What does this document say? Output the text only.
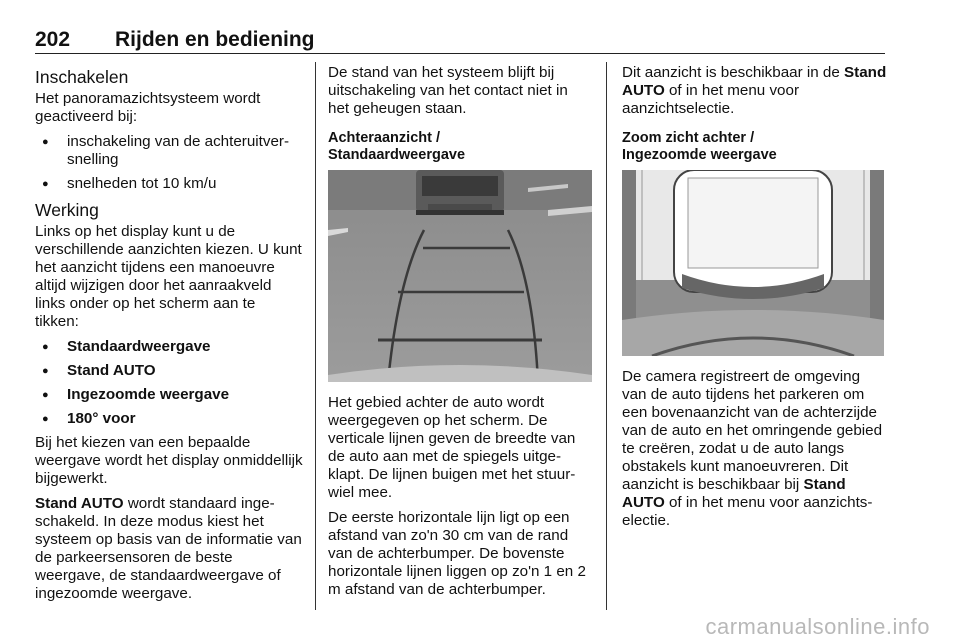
202 Rijden en bediening
Inschakelen

Het panoramazichtsysteem wordt geactiveerd bij:

● inschakeling van de achteruitversnelling
● snelheden tot 10 km/u
Werking

Links op het display kunt u de verschillende aanzichten kiezen. U kunt het aanzicht tijdens een manoeuvre altijd wijzigen door het aanraakveld links onder op het scherm aan te tikken:

● Standaardweergave
● Stand AUTO
● Ingezoomde weergave
● 180° voor

Bij het kiezen van een bepaalde weergave wordt het display onmiddellijk bijgewerkt.

Stand AUTO wordt standaard ingeschakeld. In deze modus kiest het systeem op basis van de informatie van de parkeersensoren de beste weergave, de standaardweergave of ingezoomde weergave.

De stand van het systeem blijft bij uitschakeling van het contact niet in het geheugen staan.

Achteraanzicht /
Standaardweergave

Het gebied achter de auto wordt weergegeven op het scherm. De verticale lijnen geven de breedte van de auto aan met de spiegels uitgeklapt. De lijnen buigen met het stuurwiel mee.

De eerste horizontale lijn ligt op een afstand van zo'n 30 cm van de rand van de achterbumper. De bovenste horizontale lijnen liggen op zo'n 1 en 2 m afstand van de achterbumper.

Dit aanzicht is beschikbaar in de Stand AUTO of in het menu voor aanzichtselectie.

Zoom zicht achter /
Ingezoomde weergave

De camera registreert de omgeving van de auto tijdens het parkeren om een bovenaanzicht van de achterzijde van de auto en het omringende gebied te creëren, zodat u de auto langs obstakels kunt manoeuvreren. Dit aanzicht is beschikbaar bij Stand AUTO of in het menu voor aanzichtselectie.

carmanualsonline.info
